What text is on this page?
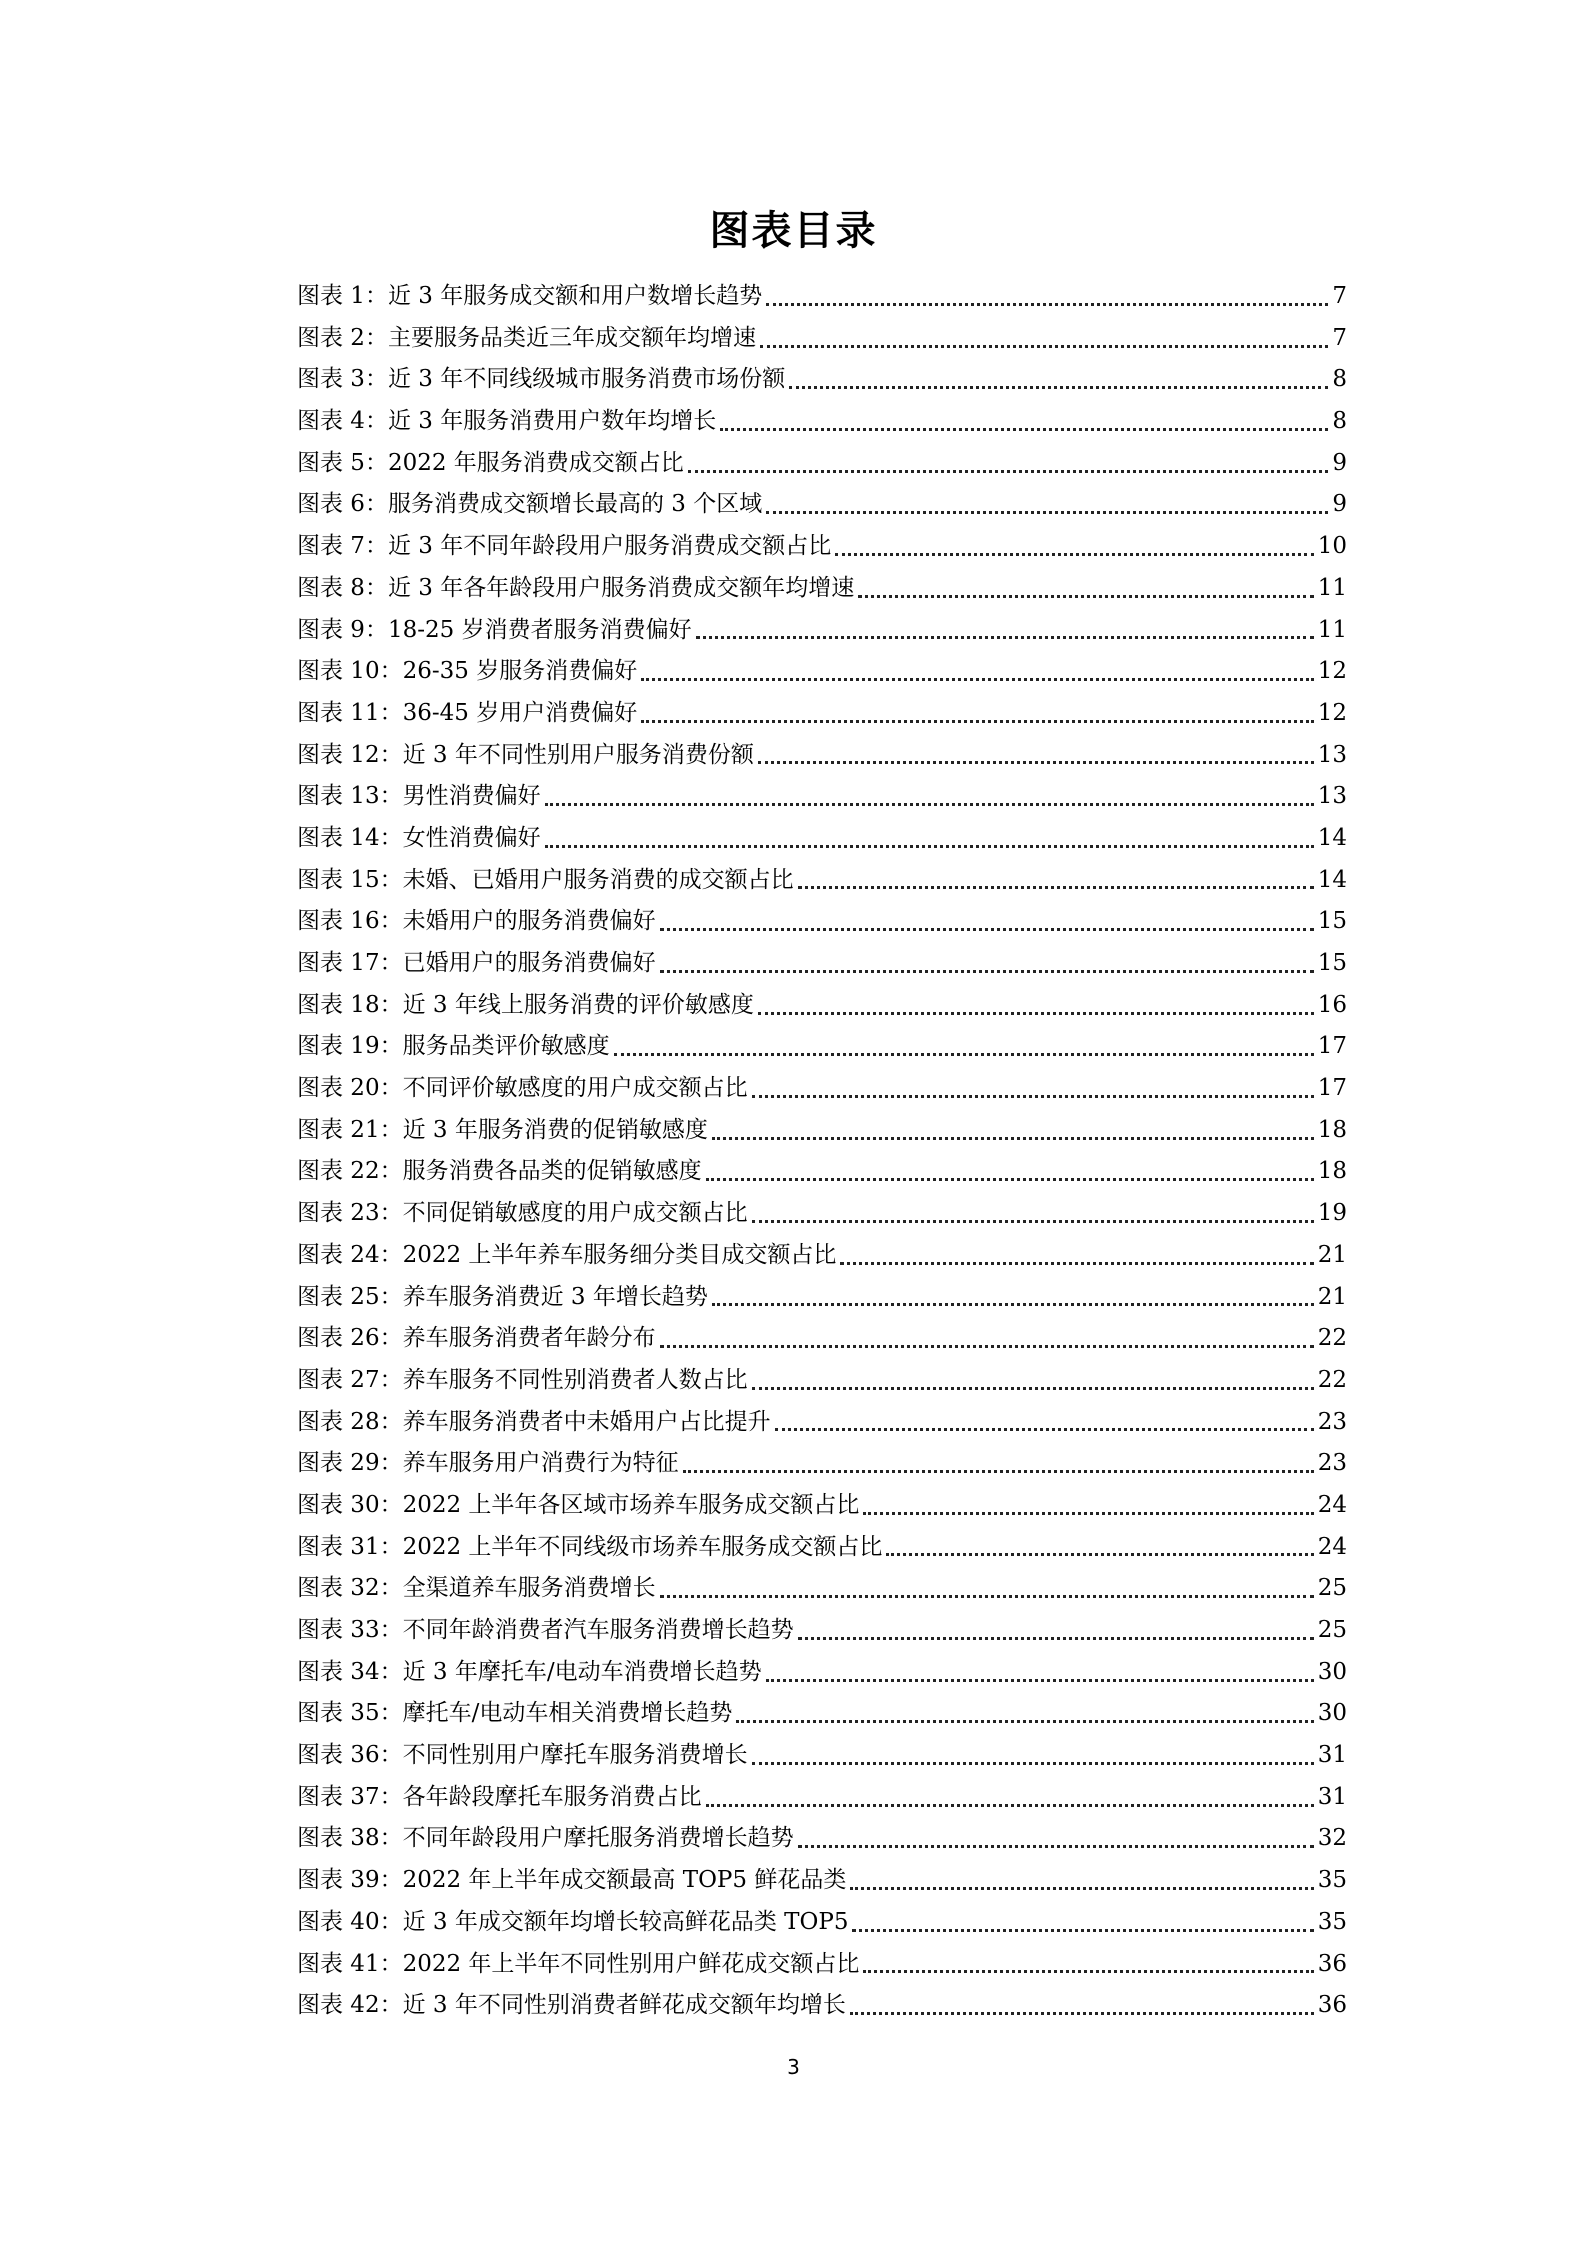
图表目录
图表 1： 近 3 年服务成交额和用户数增长趋势	7
图表 2： 主要服务品类近三年成交额年均增速	7
图表 3： 近 3 年不同线级城市服务消费市场份额	8
图表 4： 近 3 年服务消费用户数年均增长	8
图表 5： 2022 年服务消费成交额占比	9
图表 6： 服务消费成交额增长最高的 3 个区域	9
图表 7： 近 3 年不同年龄段用户服务消费成交额占比	10
图表 8： 近 3 年各年龄段用户服务消费成交额年均增速	11
图表 9： 18-25 岁消费者服务消费偏好	11
图表 10： 26-35 岁服务消费偏好	12
图表 11： 36-45 岁用户消费偏好	12
图表 12： 近 3 年不同性别用户服务消费份额	13
图表 13： 男性消费偏好	13
图表 14： 女性消费偏好	14
图表 15： 未婚、已婚用户服务消费的成交额占比	14
图表 16： 未婚用户的服务消费偏好	15
图表 17： 已婚用户的服务消费偏好	15
图表 18： 近 3 年线上服务消费的评价敏感度	16
图表 19： 服务品类评价敏感度	17
图表 20： 不同评价敏感度的用户成交额占比	17
图表 21： 近 3 年服务消费的促销敏感度	18
图表 22： 服务消费各品类的促销敏感度	18
图表 23： 不同促销敏感度的用户成交额占比	19
图表 24： 2022 上半年养车服务细分类目成交额占比	21
图表 25： 养车服务消费近 3 年增长趋势	21
图表 26： 养车服务消费者年龄分布	22
图表 27： 养车服务不同性别消费者人数占比	22
图表 28： 养车服务消费者中未婚用户占比提升	23
图表 29： 养车服务用户消费行为特征	23
图表 30： 2022 上半年各区域市场养车服务成交额占比	24
图表 31： 2022 上半年不同线级市场养车服务成交额占比	24
图表 32： 全渠道养车服务消费增长	25
图表 33： 不同年龄消费者汽车服务消费增长趋势	25
图表 34： 近 3 年摩托车/电动车消费增长趋势	30
图表 35： 摩托车/电动车相关消费增长趋势	30
图表 36： 不同性别用户摩托车服务消费增长	31
图表 37： 各年龄段摩托车服务消费占比	31
图表 38： 不同年龄段用户摩托服务消费增长趋势	32
图表 39： 2022 年上半年成交额最高 TOP5 鲜花品类	35
图表 40： 近 3 年成交额年均增长较高鲜花品类 TOP5	35
图表 41： 2022 年上半年不同性别用户鲜花成交额占比	36
图表 42： 近 3 年不同性别消费者鲜花成交额年均增长	36
3
